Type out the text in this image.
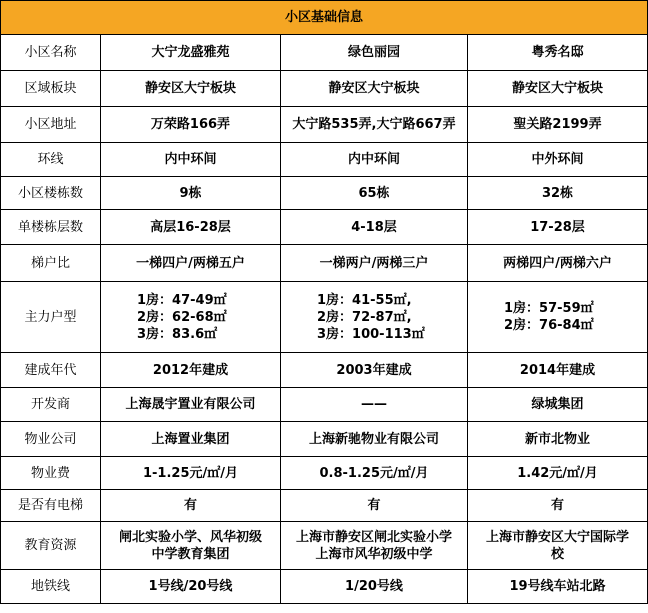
小区基础信息			
小区名称	大宁龙盛雅苑	绿色丽园	粤秀名邸

区域板块	静安区大宁板块	静安区大宁板块	静安区大宁板块

小区地址	万荣路166弄	大宁路535弄,大宁路667弄	聖关路2199弄

环线	内中环间	内中环间	中外环间

小区楼栋数	9栋	65栋	32栋

单楼栋层数	高层16-28层	4-18层	17-28层

梯户比	一梯四户/两梯五户	一梯两户/两梯三户	两梯四户/两梯六户

主力户型	1房：47-49㎡
2房：62-68㎡
3房：83.6㎡	1房：41-55㎡,
2房：72-87㎡,
3房：100-113㎡	1房：57-59㎡
2房：76-84㎡

建成年代	2012年建成	2003年建成	2014年建成

开发商	上海晟宇置业有限公司	——	绿城集团

物业公司	上海置业集团	上海新驰物业有限公司	新市北物业

物业费	1-1.25元/㎡/月	0.8-1.25元/㎡/月	1.42元/㎡/月

是否有电梯	有	有	有

教育资源	闸北实验小学、风华初级
中学教育集团	上海市静安区闸北实验小学
上海市风华初级中学	上海市静安区大宁国际学
校

地铁线	1号线/20号线	1/20号线	19号线车站北路
